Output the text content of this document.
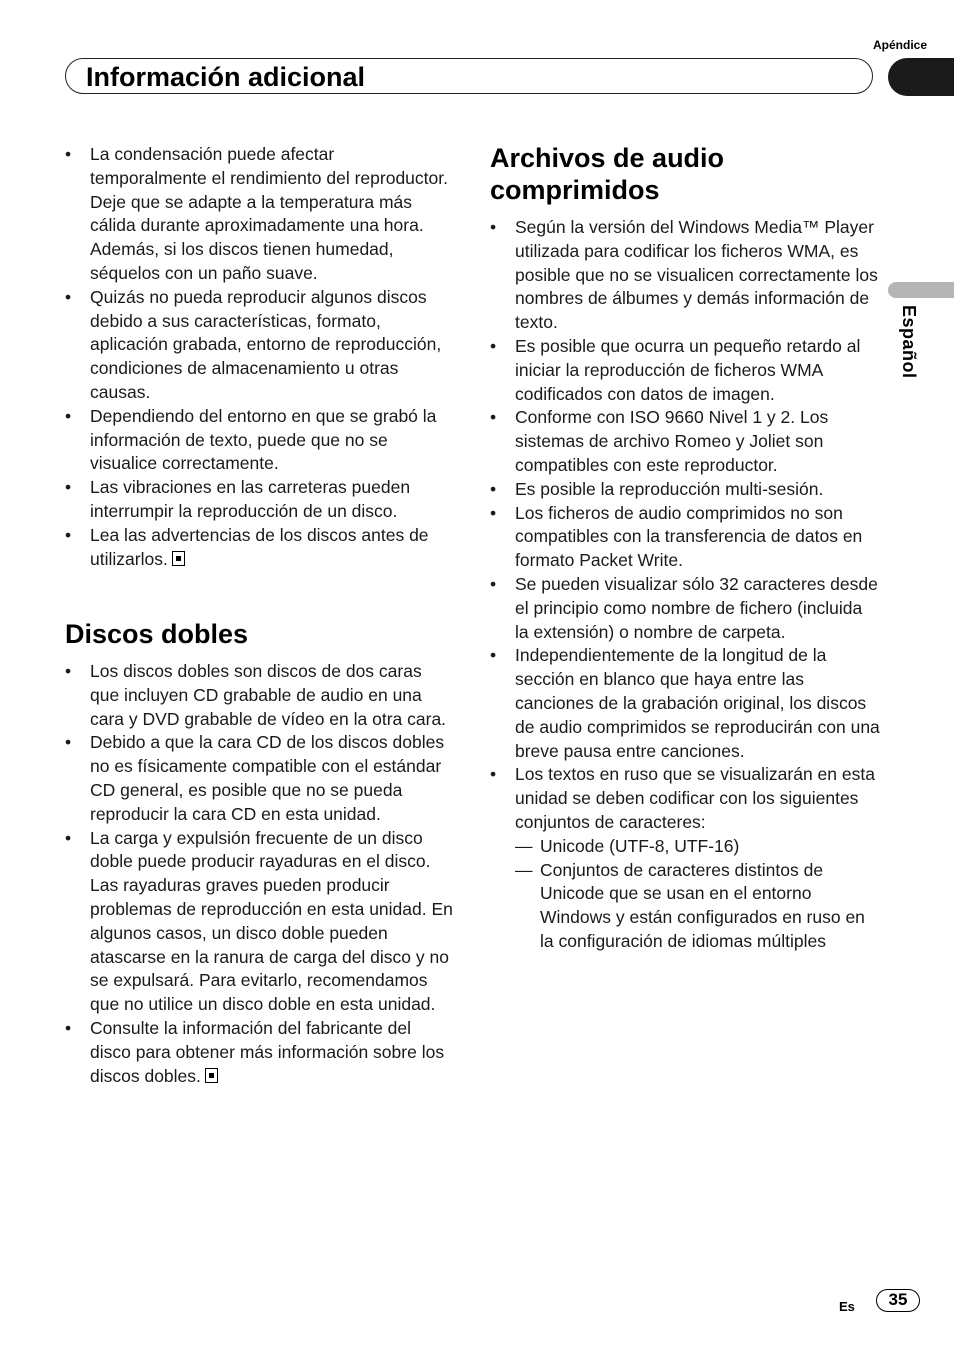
Apéndice
Información adicional
Español
• La condensación puede afectar temporalmente el rendimiento del reproductor. Deje que se adapte a la temperatura más cálida durante aproximadamente una hora. Además, si los discos tienen humedad, séquelos con un paño suave.
• Quizás no pueda reproducir algunos discos debido a sus características, formato, aplicación grabada, entorno de reproducción, condiciones de almacenamiento u otras causas.
• Dependiendo del entorno en que se grabó la información de texto, puede que no se visualice correctamente.
• Las vibraciones en las carreteras pueden interrumpir la reproducción de un disco.
• Lea las advertencias de los discos antes de utilizarlos.
Discos dobles
• Los discos dobles son discos de dos caras que incluyen CD grabable de audio en una cara y DVD grabable de vídeo en la otra cara.
• Debido a que la cara CD de los discos dobles no es físicamente compatible con el estándar CD general, es posible que no se pueda reproducir la cara CD en esta unidad.
• La carga y expulsión frecuente de un disco doble puede producir rayaduras en el disco. Las rayaduras graves pueden producir problemas de reproducción en esta unidad. En algunos casos, un disco doble pueden atascarse en la ranura de carga del disco y no se expulsará. Para evitarlo, recomendamos que no utilice un disco doble en esta unidad.
• Consulte la información del fabricante del disco para obtener más información sobre los discos dobles.
Archivos de audio comprimidos
• Según la versión del Windows Media™ Player utilizada para codificar los ficheros WMA, es posible que no se visualicen correctamente los nombres de álbumes y demás información de texto.
• Es posible que ocurra un pequeño retardo al iniciar la reproducción de ficheros WMA codificados con datos de imagen.
• Conforme con ISO 9660 Nivel 1 y 2. Los sistemas de archivo Romeo y Joliet son compatibles con este reproductor.
• Es posible la reproducción multi-sesión.
• Los ficheros de audio comprimidos no son compatibles con la transferencia de datos en formato Packet Write.
• Se pueden visualizar sólo 32 caracteres desde el principio como nombre de fichero (incluida la extensión) o nombre de carpeta.
• Independientemente de la longitud de la sección en blanco que haya entre las canciones de la grabación original, los discos de audio comprimidos se reproducirán con una breve pausa entre canciones.
• Los textos en ruso que se visualizarán en esta unidad se deben codificar con los siguientes conjuntos de caracteres:
— Unicode (UTF-8, UTF-16)
— Conjuntos de caracteres distintos de Unicode que se usan en el entorno Windows y están configurados en ruso en la configuración de idiomas múltiples
Es	35
